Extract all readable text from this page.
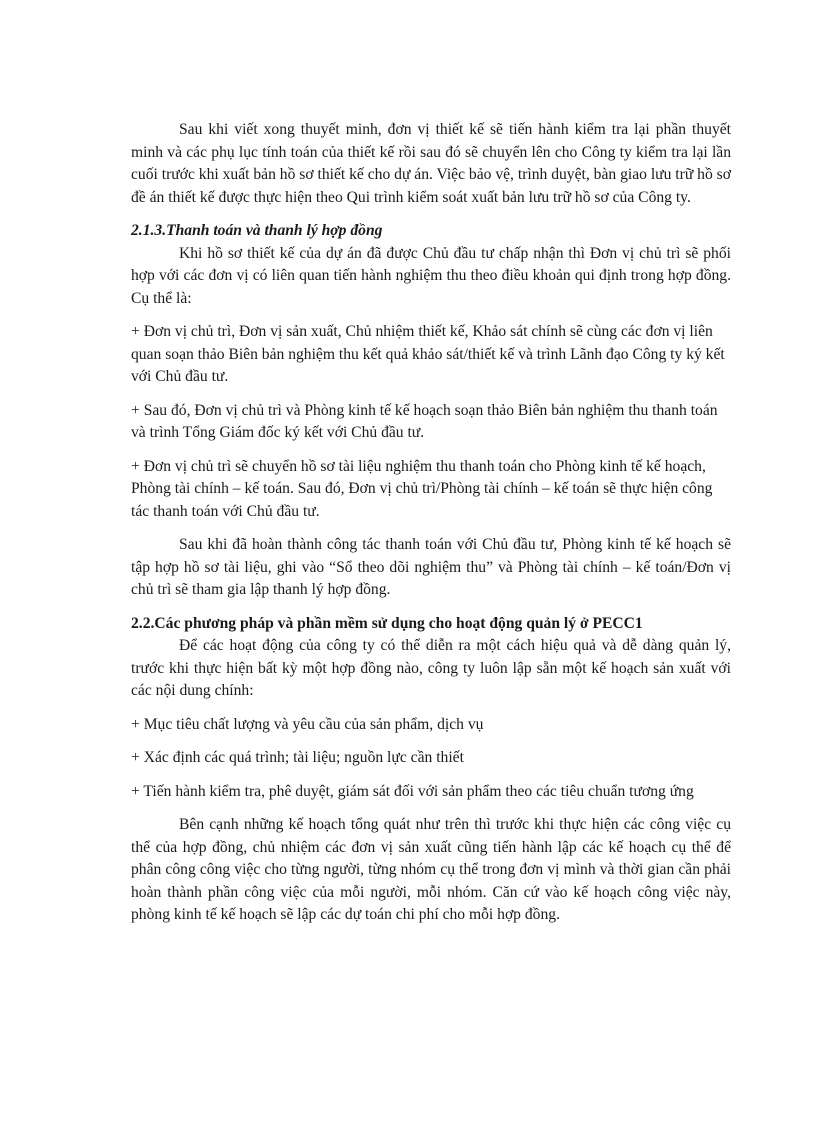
Sau khi viết xong thuyết minh, đơn vị thiết kế sẽ tiến hành kiểm tra lại phần thuyết minh và các phụ lục tính toán của thiết kế rồi sau đó sẽ chuyển lên cho Công ty kiểm tra lại lần cuối trước khi xuất bản hồ sơ thiết kế cho dự án. Việc bảo vệ, trình duyệt, bàn giao lưu trữ hồ sơ đề án thiết kế được thực hiện theo Qui trình kiểm soát xuất bản lưu trữ hồ sơ của Công ty.

2.1.3.Thanh toán và thanh lý hợp đồng

Khi hồ sơ thiết kế của dự án đã được Chủ đầu tư chấp nhận thì Đơn vị chủ trì sẽ phối hợp với các đơn vị có liên quan tiến hành nghiệm thu theo điều khoản qui định trong hợp đồng. Cụ thể là:

+ Đơn vị chủ trì, Đơn vị sản xuất, Chủ nhiệm thiết kế, Khảo sát chính sẽ cùng các đơn vị liên quan soạn thảo Biên bản nghiệm thu kết quả khảo sát/thiết kế và trình Lãnh đạo Công ty ký kết với Chủ đầu tư.

+ Sau đó, Đơn vị chủ trì và Phòng kinh tế kế hoạch soạn thảo Biên bản nghiệm thu thanh toán và trình Tổng Giám đốc ký kết với Chủ đầu tư.

+ Đơn vị chủ trì sẽ chuyển hồ sơ tài liệu nghiệm thu thanh toán cho Phòng kinh tế kế hoạch, Phòng tài chính – kế toán. Sau đó, Đơn vị chủ trì/Phòng tài chính – kế toán sẽ thực hiện công tác thanh toán với Chủ đầu tư.

Sau khi đã hoàn thành công tác thanh toán với Chủ đầu tư, Phòng kinh tế kế hoạch sẽ tập hợp hồ sơ tài liệu, ghi vào “Sổ theo dõi nghiệm thu” và Phòng tài chính – kế toán/Đơn vị chủ trì sẽ tham gia lập thanh lý hợp đồng.

2.2.Các phương pháp và phần mềm sử dụng cho hoạt động quản lý ở PECC1

Để các hoạt động của công ty có thể diễn ra một cách hiệu quả và dễ dàng quản lý, trước khi thực hiện bất kỳ một hợp đồng nào, công ty luôn lập sẵn một kế hoạch sản xuất với các nội dung chính:

+ Mục tiêu chất lượng và yêu cầu của sản phẩm, dịch vụ

+ Xác định các quá trình; tài liệu; nguồn lực cần thiết

+ Tiến hành kiểm tra, phê duyệt, giám sát đối với sản phẩm theo các tiêu chuẩn tương ứng

Bên cạnh những kế hoạch tổng quát như trên thì trước khi thực hiện các công việc cụ thể của hợp đồng, chủ nhiệm các đơn vị sản xuất cũng tiến hành lập các kế hoạch cụ thể để phân công công việc cho từng người, từng nhóm cụ thể trong đơn vị mình và thời gian cần phải hoàn thành phần công việc của mỗi người, mỗi nhóm. Căn cứ vào kế hoạch công việc này, phòng kinh tế kế hoạch sẽ lập các dự toán chi phí cho mỗi hợp đồng.
